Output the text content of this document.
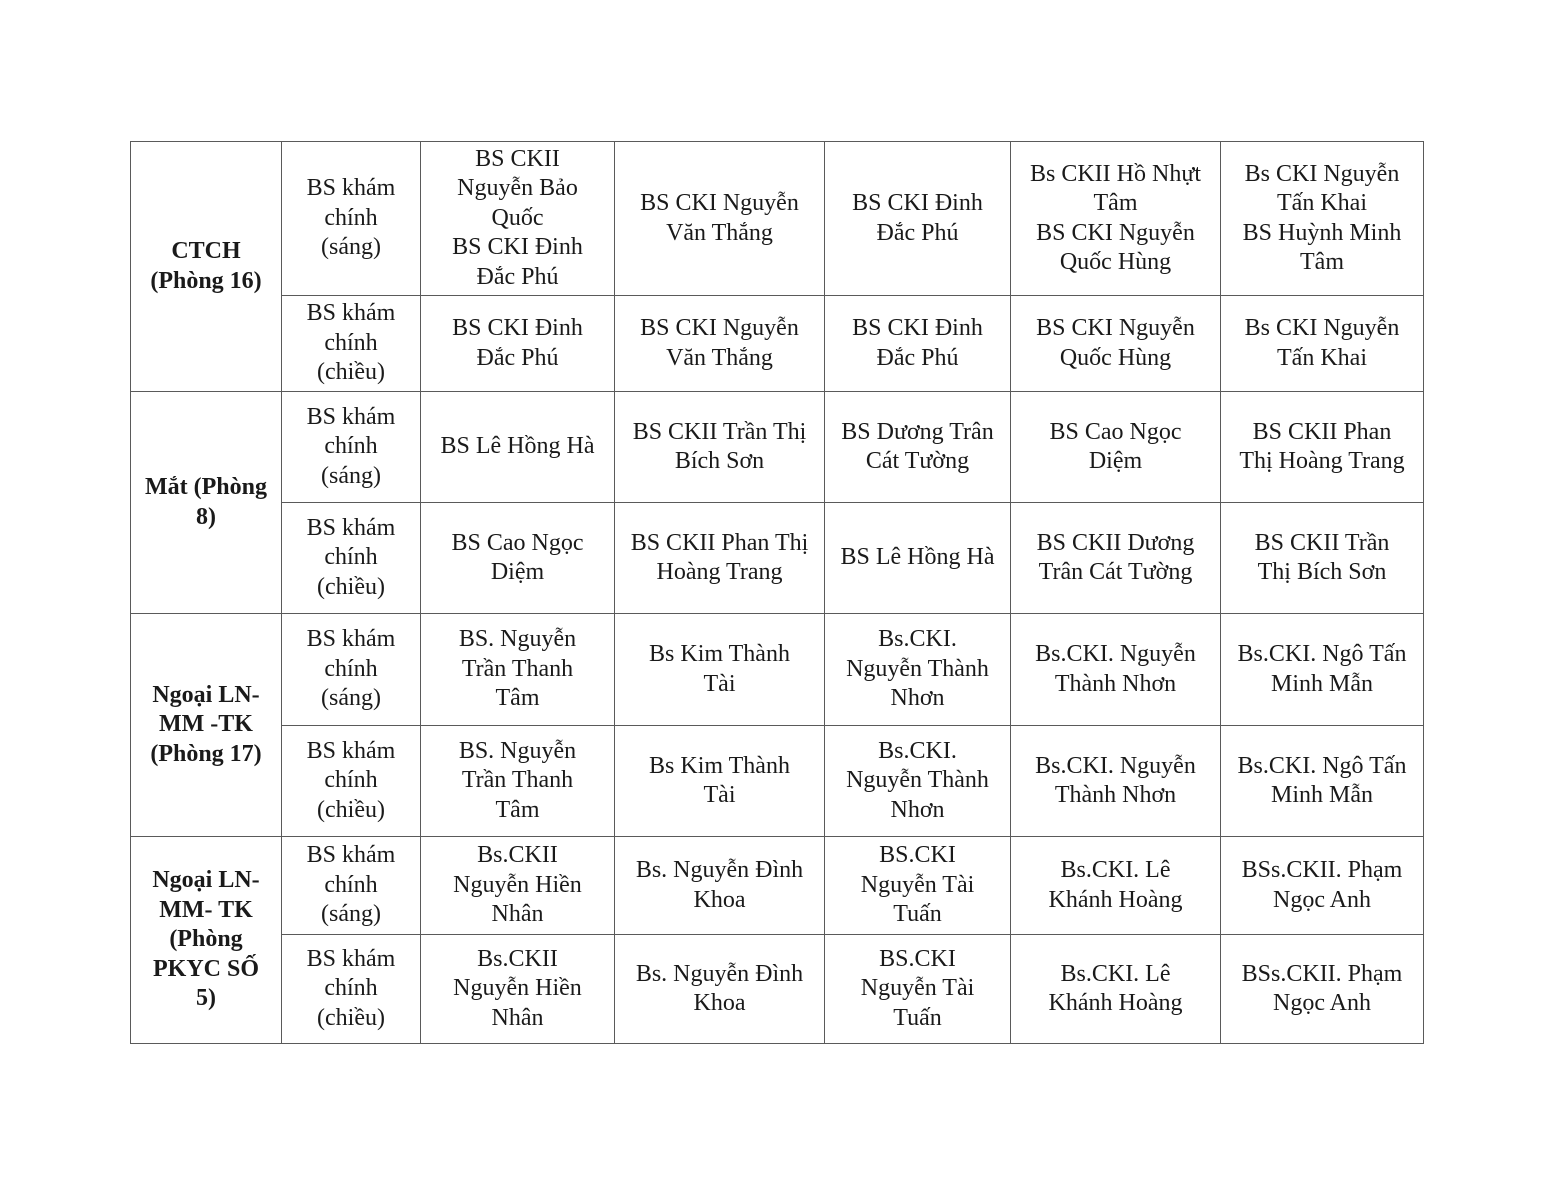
CTCH
(Phòng 16)	BS khám
chính
(sáng)	BS CKII
Nguyễn Bảo
Quốc
BS CKI Đinh
Đắc Phú	BS CKI Nguyễn
Văn Thắng	BS CKI Đinh
Đắc Phú	Bs CKII Hồ Nhựt
Tâm
BS CKI Nguyễn
Quốc Hùng	Bs CKI Nguyễn
Tấn Khai
BS Huỳnh Minh
Tâm
	BS khám
chính
(chiều)	BS CKI Đinh
Đắc Phú	BS CKI Nguyễn
Văn Thắng	BS CKI Đinh
Đắc Phú	BS CKI Nguyễn
Quốc Hùng	Bs CKI Nguyễn
Tấn Khai
Mắt (Phòng
8)	BS khám
chính
(sáng)	BS Lê Hồng Hà	BS CKII Trần Thị
Bích Sơn	BS Dương Trân
Cát Tường	BS Cao Ngọc
Diệm	BS CKII Phan
Thị Hoàng Trang
	BS khám
chính
(chiều)	BS Cao Ngọc
Diệm	BS CKII Phan Thị
Hoàng Trang	BS Lê Hồng Hà	BS CKII Dương
Trân Cát Tường	BS CKII Trần
Thị Bích Sơn
Ngoại LN-
MM -TK
(Phòng 17)	BS khám
chính
(sáng)	BS. Nguyễn
Trần Thanh
Tâm	Bs Kim Thành
Tài	Bs.CKI.
Nguyễn Thành
Nhơn	Bs.CKI. Nguyễn
Thành Nhơn	Bs.CKI. Ngô Tấn
Minh Mẫn
	BS khám
chính
(chiều)	BS. Nguyễn
Trần Thanh
Tâm	Bs Kim Thành
Tài	Bs.CKI.
Nguyễn Thành
Nhơn	Bs.CKI. Nguyễn
Thành Nhơn	Bs.CKI. Ngô Tấn
Minh Mẫn
Ngoại LN-
MM- TK
(Phòng
PKYC SỐ
5)	BS khám
chính
(sáng)	Bs.CKII
Nguyễn Hiền
Nhân	Bs. Nguyễn Đình
Khoa	BS.CKI
Nguyễn Tài
Tuấn	Bs.CKI. Lê
Khánh Hoàng	BSs.CKII. Phạm
Ngọc Anh
	BS khám
chính
(chiều)	Bs.CKII
Nguyễn Hiền
Nhân	Bs. Nguyễn Đình
Khoa	BS.CKI
Nguyễn Tài
Tuấn	Bs.CKI. Lê
Khánh Hoàng	BSs.CKII. Phạm
Ngọc Anh
